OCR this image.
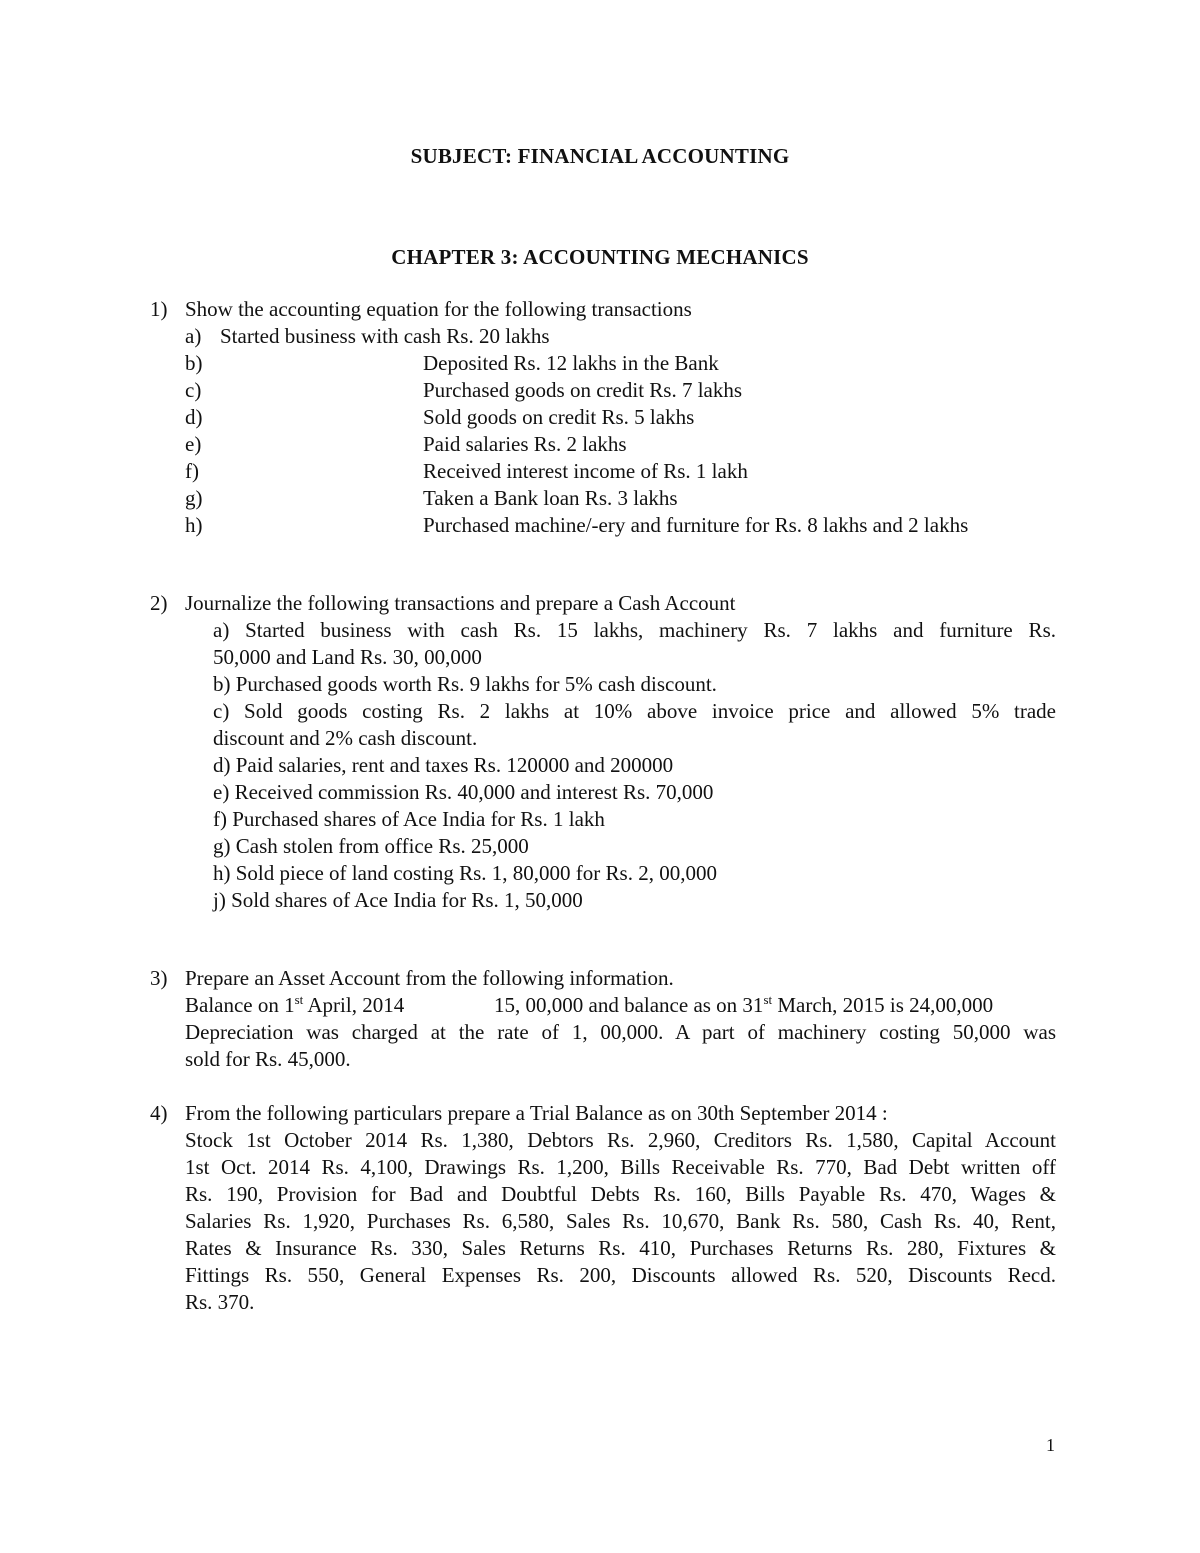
SUBJECT: FINANCIAL ACCOUNTING
CHAPTER 3: ACCOUNTING MECHANICS
1) Show the accounting equation for the following transactions
a) Started business with cash Rs. 20 lakhs
b)	Deposited Rs. 12 lakhs in the Bank
c)	Purchased goods on credit Rs. 7 lakhs
d)	Sold goods on credit Rs. 5 lakhs
e)	Paid salaries Rs. 2 lakhs
f)	Received interest income of Rs. 1 lakh
g)	Taken a Bank loan Rs. 3 lakhs
h)	Purchased machine/-ery and furniture for Rs. 8 lakhs and 2 lakhs
2) Journalize the following transactions and prepare a Cash Account
a) Started business with cash Rs. 15 lakhs, machinery Rs. 7 lakhs and furniture Rs.
50,000 and Land Rs. 30, 00,000
b) Purchased goods worth Rs. 9 lakhs for 5% cash discount.
c) Sold goods costing Rs. 2 lakhs at 10% above invoice price and allowed 5% trade
discount and 2% cash discount.
d) Paid salaries, rent and taxes Rs. 120000 and 200000
e) Received commission Rs. 40,000 and interest Rs. 70,000
f) Purchased shares of Ace India for Rs. 1 lakh
g) Cash stolen from office Rs. 25,000
h) Sold piece of land costing Rs. 1, 80,000 for Rs. 2, 00,000
j) Sold shares of Ace India for Rs. 1, 50,000
3) Prepare an Asset Account from the following information.
Balance on 1st April, 2014	15, 00,000 and balance as on 31st March, 2015 is 24,00,000
Depreciation was charged at the rate of 1, 00,000. A part of machinery costing 50,000 was
sold for Rs. 45,000.
4) From the following particulars prepare a Trial Balance as on 30th September 2014 :
Stock 1st October 2014 Rs. 1,380, Debtors Rs. 2,960, Creditors Rs. 1,580, Capital Account
1st Oct. 2014 Rs. 4,100, Drawings Rs. 1,200, Bills Receivable Rs. 770, Bad Debt written off
Rs. 190, Provision for Bad and Doubtful Debts Rs. 160, Bills Payable Rs. 470, Wages &
Salaries Rs. 1,920, Purchases Rs. 6,580, Sales Rs. 10,670, Bank Rs. 580, Cash Rs. 40, Rent,
Rates & Insurance Rs. 330, Sales Returns Rs. 410, Purchases Returns Rs. 280, Fixtures &
Fittings Rs. 550, General Expenses Rs. 200, Discounts allowed Rs. 520, Discounts Recd.
Rs. 370.
1
